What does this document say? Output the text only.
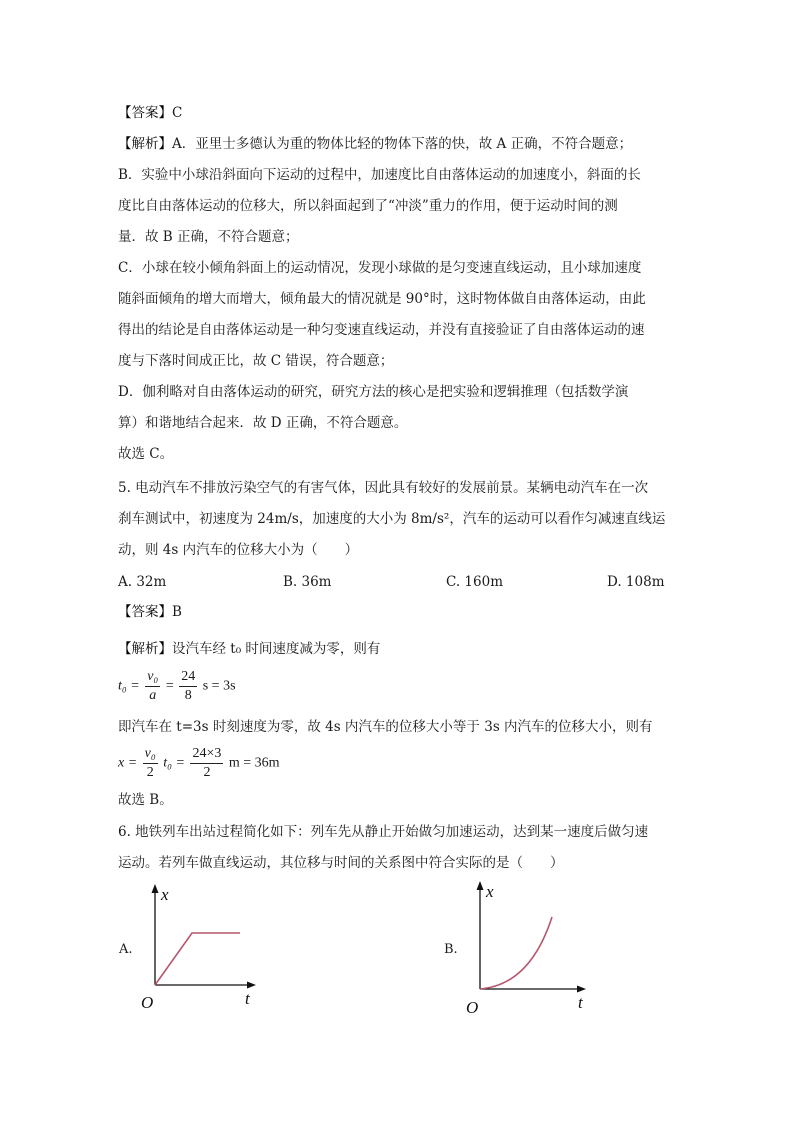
【答案】C
【解析】A．亚里士多德认为重的物体比轻的物体下落的快，故 A 正确，不符合题意；
B．实验中小球沿斜面向下运动的过程中，加速度比自由落体运动的加速度小，斜面的长
度比自由落体运动的位移大，所以斜面起到了“冲淡”重力的作用，便于运动时间的测
量．故 B 正确，不符合题意；
C．小球在较小倾角斜面上的运动情况，发现小球做的是匀变速直线运动，且小球加速度
随斜面倾角的增大而增大，倾角最大的情况就是 90°时，这时物体做自由落体运动，由此
得出的结论是自由落体运动是一种匀变速直线运动，并没有直接验证了自由落体运动的速
度与下落时间成正比，故 C 错误，符合题意；
D．伽利略对自由落体运动的研究，研究方法的核心是把实验和逻辑推理（包括数学演
算）和谐地结合起来．故 D 正确，不符合题意。
故选 C。
5. 电动汽车不排放污染空气的有害气体，因此具有较好的发展前景。某辆电动汽车在一次
刹车测试中，初速度为 24m/s，加速度的大小为 8m/s²，汽车的运动可以看作匀减速直线运
动，则 4s 内汽车的位移大小为（　　）
A. 32m	B. 36m	C. 160m	D. 108m
【答案】B
【解析】设汽车经 t₀ 时间速度减为零，则有
$t_0 = \frac{\text{v₀}}{a} = \frac{24}{8}$ s = 3s
即汽车在 t=3s 时刻速度为零，故 4s 内汽车的位移大小等于 3s 内汽车的位移大小，则有
$x = \frac{\text{v₀}}{2} t_0 = \frac{24\times 3}{2}$ m = 36m
故选 B。
6. 地铁列车出站过程简化如下：列车先从静止开始做匀加速运动，达到某一速度后做匀速
运动。若列车做直线运动，其位移与时间的关系图中符合实际的是（　　）
A.
x
t
O
B.
x
t
O
